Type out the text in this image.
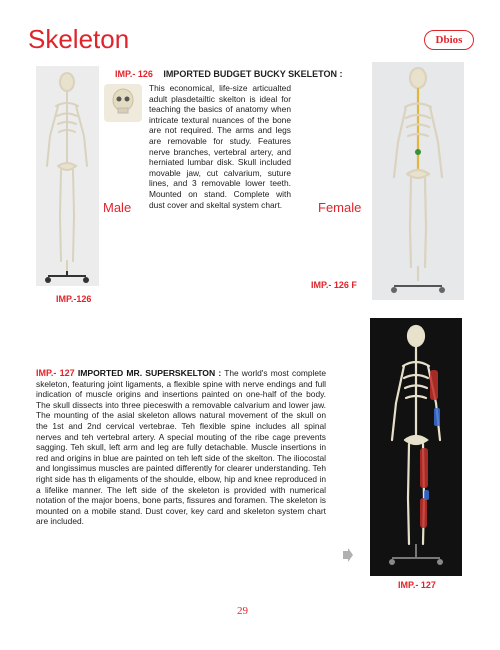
Skeleton	Dbios
IMP.- 126 IMPORTED BUDGET BUCKY SKELETON :
This economical, life-size articualted adult plasdetailtic skelton is ideal for teaching the basics of anatomy when intricate textural nuances of the bone are not required. The arms and legs are removable for study. Features nerve branches, vertebral artery, and herniated lumbar disk. Skull included movable jaw, cut calvarium, suture lines, and 3 removable lower teeth. Mounted on stand. Complete with dust cover and skeltal system chart.
Male	Female
IMP.-126
IMP.- 126 F
IMP.- 127 IMPORTED MR. SUPERSKELTON : The world's most complete skeleton, featuring joint ligaments, a flexible spine with nerve endings and full indication of muscle origins and insertions painted on one-half of the body. The skull dissects into three pieceswith a removable calvarium and lower jaw. The mounting of the asial skeleton allows natural movement of the skull on the 1st and 2nd cervical vertebrae. Teh flexible spine includes all spinal nerves and teh vertebral artery. A special mouting of the ribe cage prevents sagging. Teh skull, left arm and leg are fully detachable. Muscle insertions in red and origins in blue are painted on teh left side of the skelton. The iliocostal and longissimus muscles are painted differently for clearer understanding. Teh right side has th eligaments of the shoulde, elbow, hip and knee reproduced in a lifelike manner. The left side of the skeleton is provided with numerical notation of the major boens, bone parts, fissures and foramen. The skeleton is mounted on a mobile stand. Dust cover, key card and skeleton system chart are included.
IMP.- 127
29
